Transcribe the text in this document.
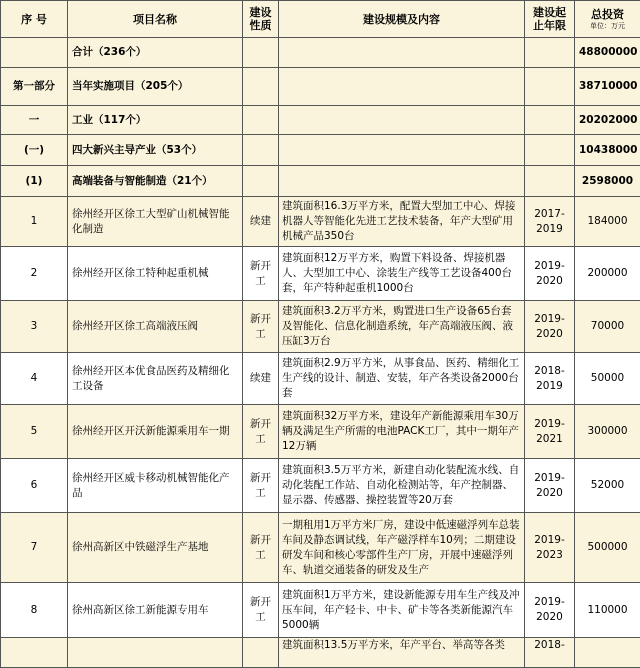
序 号	项目名称	建设性质	建设规模及内容	建设起止年限	总投资
单位：万元

	合计（236个）				48800000
第一部分	当年实施项目（205个）				38710000
一	工业（117个）				20202000
(一)	四大新兴主导产业（53个）				10438000
(1)	高端装备与智能制造（21个）				2598000
1	徐州经开区徐工大型矿山机械智能化制造	续建	建筑面积16.3万平方米，配置大型加工中心、焊接机器人等智能化先进工艺技术装备，年产大型矿用机械产品350台	2017-2019	184000
2	徐州经开区徐工特种起重机械	新开工	建筑面积12万平方米，购置下料设备、焊接机器人、大型加工中心、涂装生产线等工艺设备400台套，年产特种起重机1000台	2019-2020	200000
3	徐州经开区徐工高端液压阀	新开工	建筑面积3.2万平方米，购置进口生产设备65台套及智能化、信息化制造系统，年产高端液压阀、液压缸3万台	2019-2020	70000
4	徐州经开区本优食品医药及精细化工设备	续建	建筑面积2.9万平方米，从事食品、医药、精细化工生产线的设计、制造、安装，年产各类设备2000台套	2018-2019	50000
5	徐州经开区开沃新能源乘用车一期	新开工	建筑面积32万平方米，建设年产新能源乘用车30万辆及满足生产所需的电池PACK工厂，其中一期年产12万辆	2019-2021	300000
6	徐州经开区威卡移动机械智能化产品	新开工	建筑面积3.5万平方米，新建自动化装配流水线、自动化装配工作站、自动化检测站等，年产控制器、显示器、传感器、操控装置等20万套	2019-2020	52000
7	徐州高新区中铁磁浮生产基地	新开工	一期租用1万平方米厂房，建设中低速磁浮列车总装车间及静态调试线，年产磁浮样车10列；二期建设研发车间和核心零部件生产厂房，开展中速磁浮列车、轨道交通装备的研发及生产	2019-2023	500000
8	徐州高新区徐工新能源专用车	新开工	建筑面积1万平方米，建设新能源专用车生产线及冲压车间，年产轻卡、中卡、矿卡等各类新能源汽车5000辆	2019-2020	110000
			建筑面积13.5万平方米，年产平台、举高等各类	2018-	
